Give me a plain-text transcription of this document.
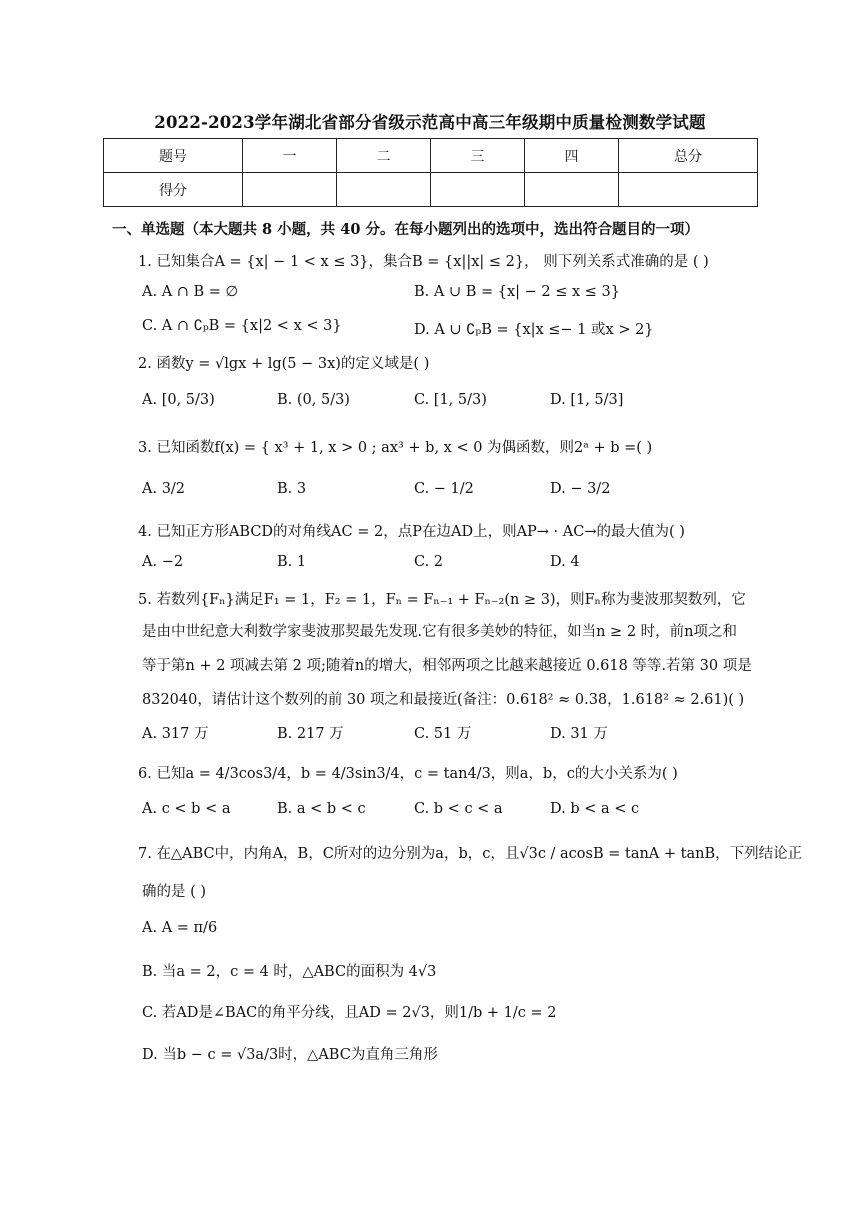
2022-2023学年湖北省部分省级示范高中高三年级期中质量检测数学试题
题号	一	二	三	四	总分
得分					
一、单选题（本大题共 8 小题，共 40 分。在每小题列出的选项中，选出符合题目的一项）
1. 已知集合A = {x| − 1 < x ≤ 3}，集合B = {x||x| ≤ 2}， 则下列关系式准确的是 ( )
A. A ∩ B = ∅	B. A ∪ B = {x| − 2 ≤ x ≤ 3}
C. A ∩ ∁ₚB = {x|2 < x < 3}	D. A ∪ ∁ₚB = {x|x ≤− 1 或x > 2}
2. 函数y = √lgx + lg(5 − 3x)的定义域是( )
A. [0, 5/3)	B. (0, 5/3)	C. [1, 5/3)	D. [1, 5/3]
3. 已知函数f(x) = { x³ + 1, x > 0 ; ax³ + b, x < 0 为偶函数，则2ᵃ + b =( )
A. 3/2	B. 3	C. − 1/2	D. − 3/2
4. 已知正方形ABCD的对角线AC = 2，点P在边AD上，则AP→ · AC→的最大值为( )
A. −2	B. 1	C. 2	D. 4
5. 若数列{Fₙ}满足F₁ = 1，F₂ = 1，Fₙ = Fₙ₋₁ + Fₙ₋₂(n ≥ 3)，则Fₙ称为斐波那契数列，它
是由中世纪意大利数学家斐波那契最先发现.它有很多美妙的特征，如当n ≥ 2 时，前n项之和
等于第n + 2 项减去第 2 项;随着n的增大，相邻两项之比越来越接近 0.618 等等.若第 30 项是
832040，请估计这个数列的前 30 项之和最接近(备注：0.618² ≈ 0.38，1.618² ≈ 2.61)( )
A. 317 万	B. 217 万	C. 51 万	D. 31 万
6. 已知a = 4/3cos3/4，b = 4/3sin3/4，c = tan4/3，则a，b，c的大小关系为( )
A. c < b < a	B. a < b < c	C. b < c < a	D. b < a < c
7. 在△ABC中，内角A，B，C所对的边分别为a，b，c，且√3c / acosB = tanA + tanB，下列结论正
确的是 ( )
A. A = π/6
B. 当a = 2，c = 4 时，△ABC的面积为 4√3
C. 若AD是∠BAC的角平分线，且AD = 2√3，则1/b + 1/c = 2
D. 当b − c = √3a/3时，△ABC为直角三角形
